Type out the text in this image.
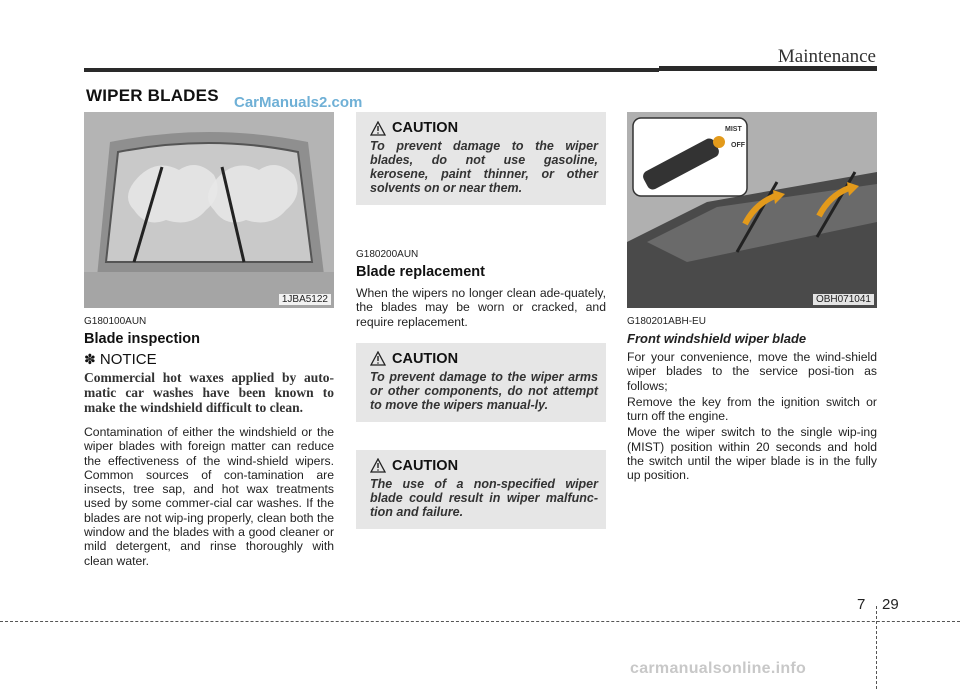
Maintenance
WIPER BLADES CarManuals2.com
1JBA5122
G180100AUN
Blade inspection
✽ NOTICE
Commercial hot waxes applied by auto-matic car washes have been known to make the windshield difficult to clean.
Contamination of either the windshield or the wiper blades with foreign matter can reduce the effectiveness of the wind-shield wipers. Common sources of con-tamination are insects, tree sap, and hot wax treatments used by some commer-cial car washes. If the blades are not wip-ing properly, clean both the window and the blades with a good cleaner or mild detergent, and rinse thoroughly with clean water.
CAUTION
To prevent damage to the wiper blades, do not use gasoline, kerosene, paint thinner, or other solvents on or near them.
G180200AUN
Blade replacement
When the wipers no longer clean ade-quately, the blades may be worn or cracked, and require replacement.
CAUTION
To prevent damage to the wiper arms or other components, do not attempt to move the wipers manual-ly.
CAUTION
The use of a non-specified wiper blade could result in wiper malfunc-tion and failure.
MIST
OFF
OBH071041
G180201ABH-EU
Front windshield wiper blade

For your convenience, move the wind-shield wiper blades to the service posi-tion as follows;

Remove the key from the ignition switch or turn off the engine.

Move the wiper switch to the single wip-ing (MIST) position within 20 seconds and hold the switch until the wiper blade is in the fully up position.

7 29
carmanualsonline.info
